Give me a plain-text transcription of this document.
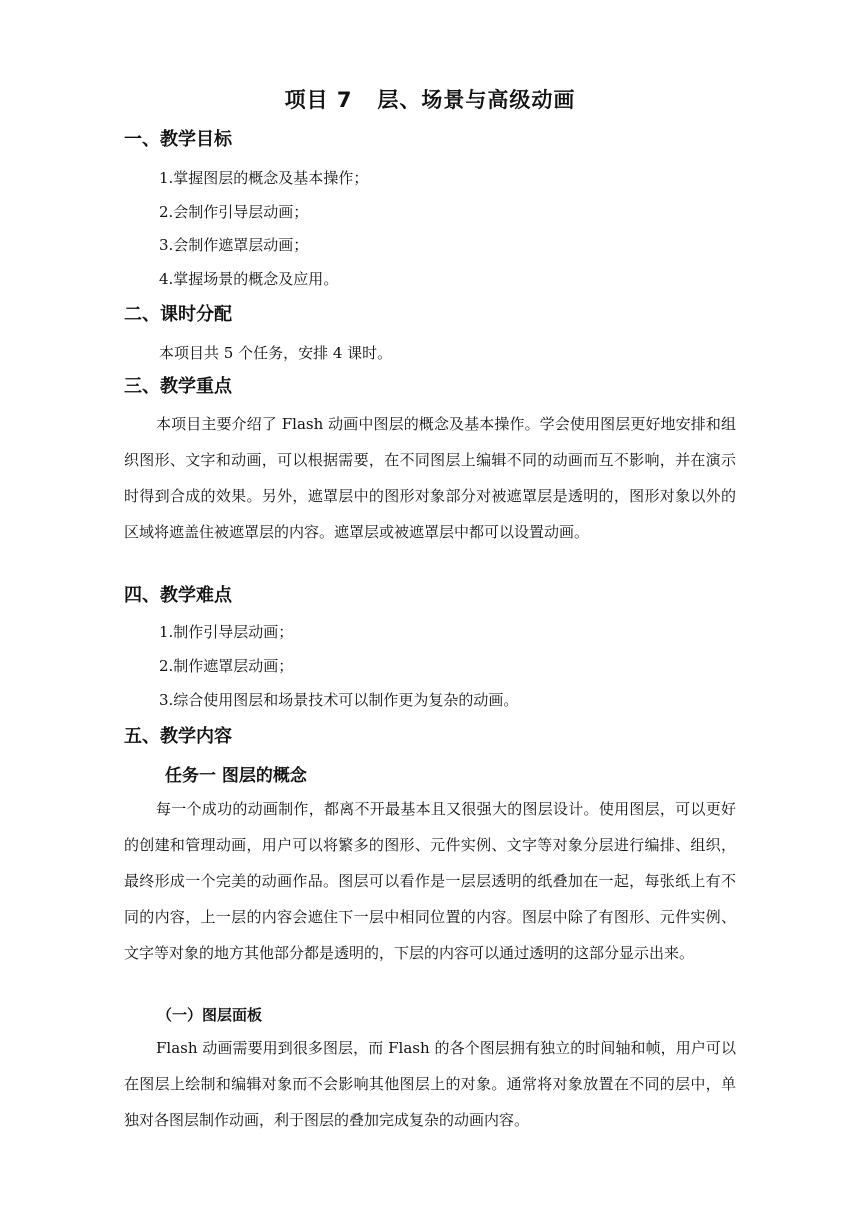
项目 7   层、场景与高级动画
一、教学目标
1.掌握图层的概念及基本操作；
2.会制作引导层动画；
3.会制作遮罩层动画；
4.掌握场景的概念及应用。
二、课时分配
本项目共 5 个任务，安排 4 课时。
三、教学重点
本项目主要介绍了 Flash 动画中图层的概念及基本操作。学会使用图层更好地安排和组织图形、文字和动画，可以根据需要，在不同图层上编辑不同的动画而互不影响，并在演示时得到合成的效果。另外，遮罩层中的图形对象部分对被遮罩层是透明的，图形对象以外的区域将遮盖住被遮罩层的内容。遮罩层或被遮罩层中都可以设置动画。
四、教学难点
1.制作引导层动画；
2.制作遮罩层动画；
3.综合使用图层和场景技术可以制作更为复杂的动画。
五、教学内容
任务一 图层的概念
每一个成功的动画制作，都离不开最基本且又很强大的图层设计。使用图层，可以更好的创建和管理动画，用户可以将繁多的图形、元件实例、文字等对象分层进行编排、组织，最终形成一个完美的动画作品。图层可以看作是一层层透明的纸叠加在一起，每张纸上有不同的内容，上一层的内容会遮住下一层中相同位置的内容。图层中除了有图形、元件实例、文字等对象的地方其他部分都是透明的，下层的内容可以通过透明的这部分显示出来。
（一）图层面板
Flash 动画需要用到很多图层，而 Flash 的各个图层拥有独立的时间轴和帧，用户可以在图层上绘制和编辑对象而不会影响其他图层上的对象。通常将对象放置在不同的层中，单独对各图层制作动画，利于图层的叠加完成复杂的动画内容。
